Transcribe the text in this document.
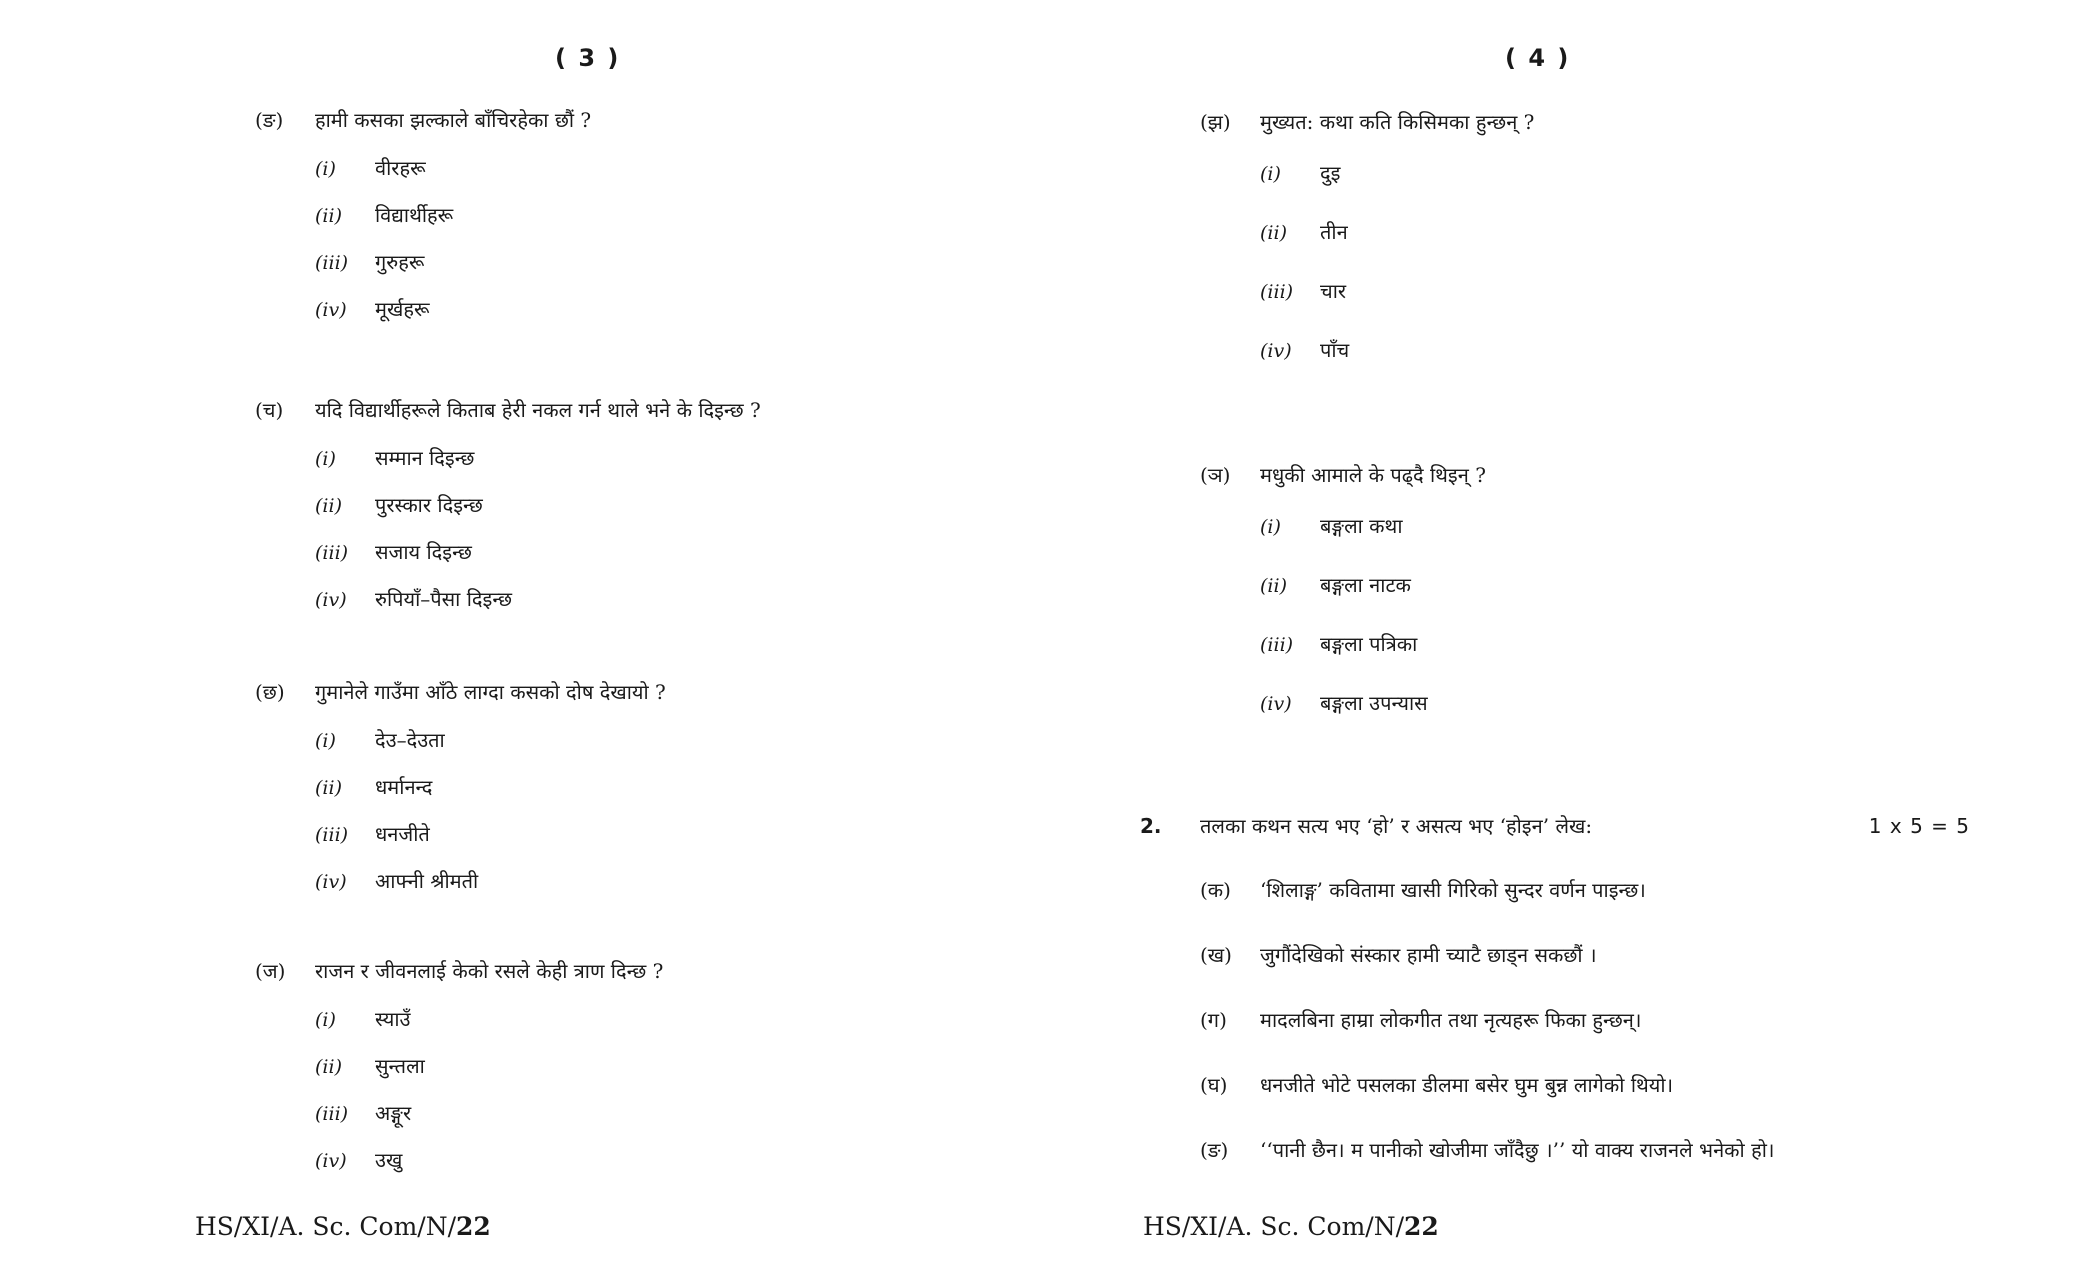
( 3 )
(ङ)	हामी कसका झल्काले बाँचिरहेका छौं ?
(i)	वीरहरू
(ii)	विद्यार्थीहरू
(iii)	गुरुहरू
(iv)	मूर्खहरू
(च)	यदि विद्यार्थीहरूले किताब हेरी नकल गर्न थाले भने के दिइन्छ ?
(i)	सम्मान दिइन्छ
(ii)	पुरस्कार दिइन्छ
(iii)	सजाय दिइन्छ
(iv)	रुपियाँ–पैसा दिइन्छ
(छ)	गुमानेले गाउँमा आँठे लाग्दा कसको दोष देखायो ?
(i)	देउ–देउता
(ii)	धर्मानन्द
(iii)	धनजीते
(iv)	आफ्नी श्रीमती
(ज)	राजन र जीवनलाई केको रसले केही त्राण दिन्छ ?
(i)	स्याउँ
(ii)	सुन्तला
(iii)	अङ्गूर
(iv)	उखु
HS/XI/A. Sc. Com/N/22
( 4 )
(झ)	मुख्यत: कथा कति किसिमका हुन्छन् ?
(i)	दुइ
(ii)	तीन
(iii)	चार
(iv)	पाँच
(ञ)	मधुकी आमाले के पढ्दै थिइन् ?
(i)	बङ्गला कथा
(ii)	बङ्गला नाटक
(iii)	बङ्गला पत्रिका
(iv)	बङ्गला उपन्यास
2.	तलका कथन सत्य भए ‘हो’ र असत्य भए ‘होइन’ लेख:	1 x 5 = 5
(क)	‘शिलाङ्ग’ कवितामा खासी गिरिको सुन्दर वर्णन पाइन्छ।
(ख)	जुगौंदेखिको संस्कार हामी च्याटै छाड्न सकछौं ।
(ग)	मादलबिना हाम्रा लोकगीत तथा नृत्यहरू फिका हुन्छन्।
(घ)	धनजीते भोटे पसलका डीलमा बसेर घुम बुन्न लागेको थियो।
(ङ)	‘‘पानी छैन। म पानीको खोजीमा जाँदैछु ।’’ यो वाक्य राजनले भनेको हो।
HS/XI/A. Sc. Com/N/22
